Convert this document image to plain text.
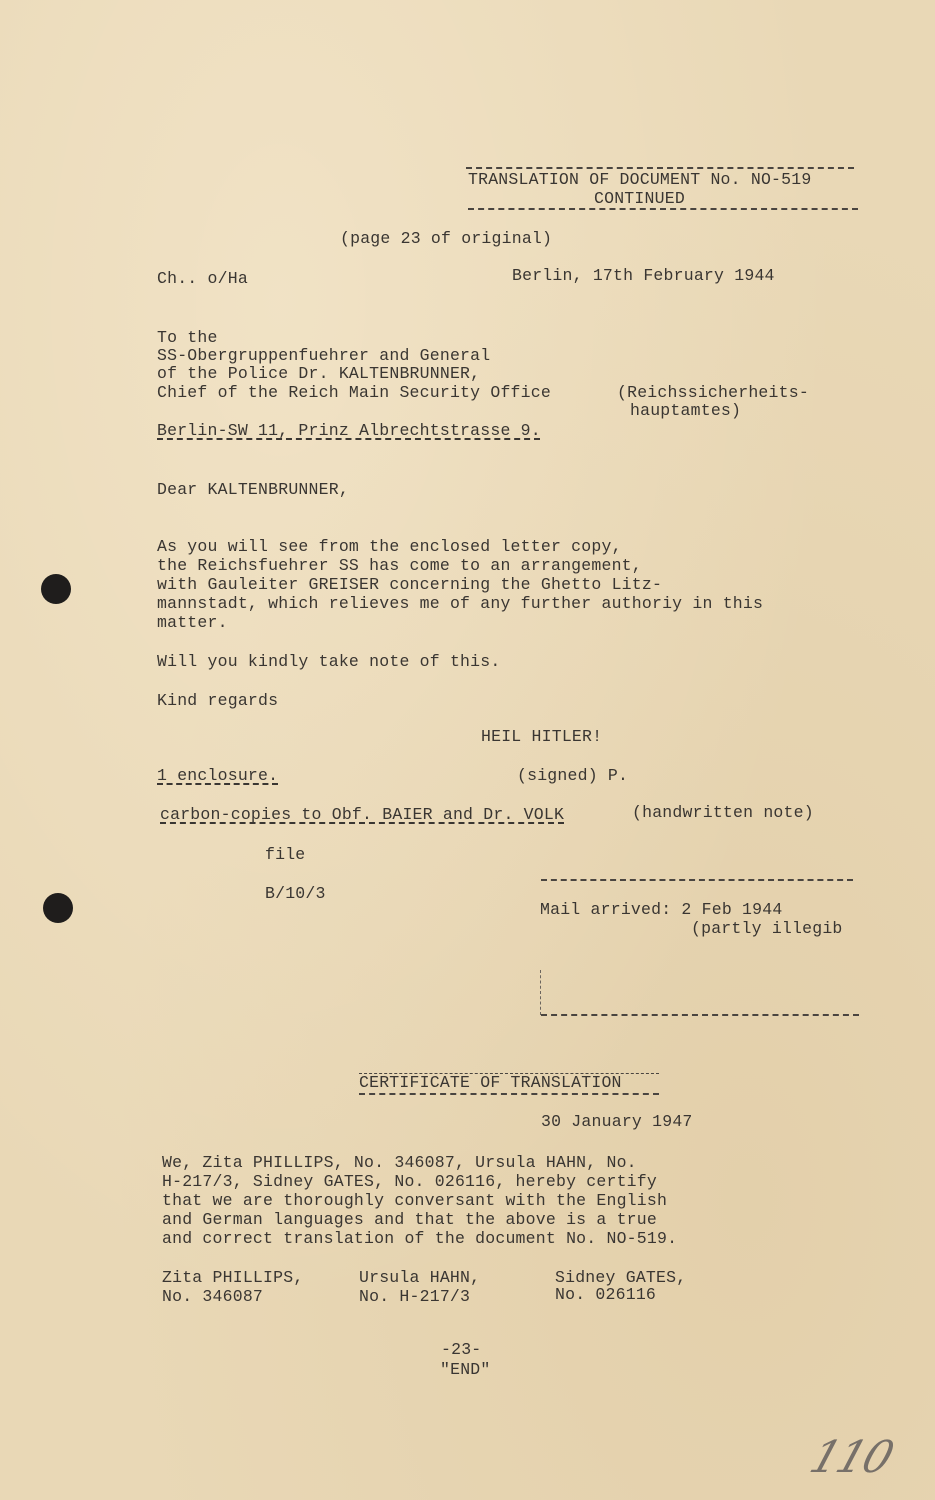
TRANSLATION OF DOCUMENT No. NO-519
CONTINUED
(page 23 of original)
Ch.. o/Ha	Berlin, 17th February 1944
To the
SS-Obergruppenfuehrer and General
of the Police Dr. KALTENBRUNNER,
Chief of the Reich Main Security Office	(Reichssicherheits-
hauptamtes)
Berlin-SW 11, Prinz Albrechtstrasse 9.
Dear KALTENBRUNNER,
As you will see from the enclosed letter copy,
the Reichsfuehrer SS has come to an arrangement,
with Gauleiter GREISER concerning the Ghetto Litz-
mannstadt, which relieves me of any further authoriy in this
matter.
Will you kindly take note of this.
Kind regards
HEIL HITLER!
1 enclosure.	(signed) P.
carbon-copies to Obf. BAIER and Dr. VOLK	(handwritten note)
file
B/10/3
Mail arrived: 2 Feb 1944
(partly illegib
CERTIFICATE OF TRANSLATION
30 January 1947
We, Zita PHILLIPS, No. 346087, Ursula HAHN, No.
H-217/3, Sidney GATES, No. 026116, hereby certify
that we are thoroughly conversant with the English
and German languages and that the above is a true
and correct translation of the document No. NO-519.
Zita PHILLIPS,
No. 346087
Ursula HAHN,
No. H-217/3
Sidney GATES,
No. 026116
-23-
"END"
110
